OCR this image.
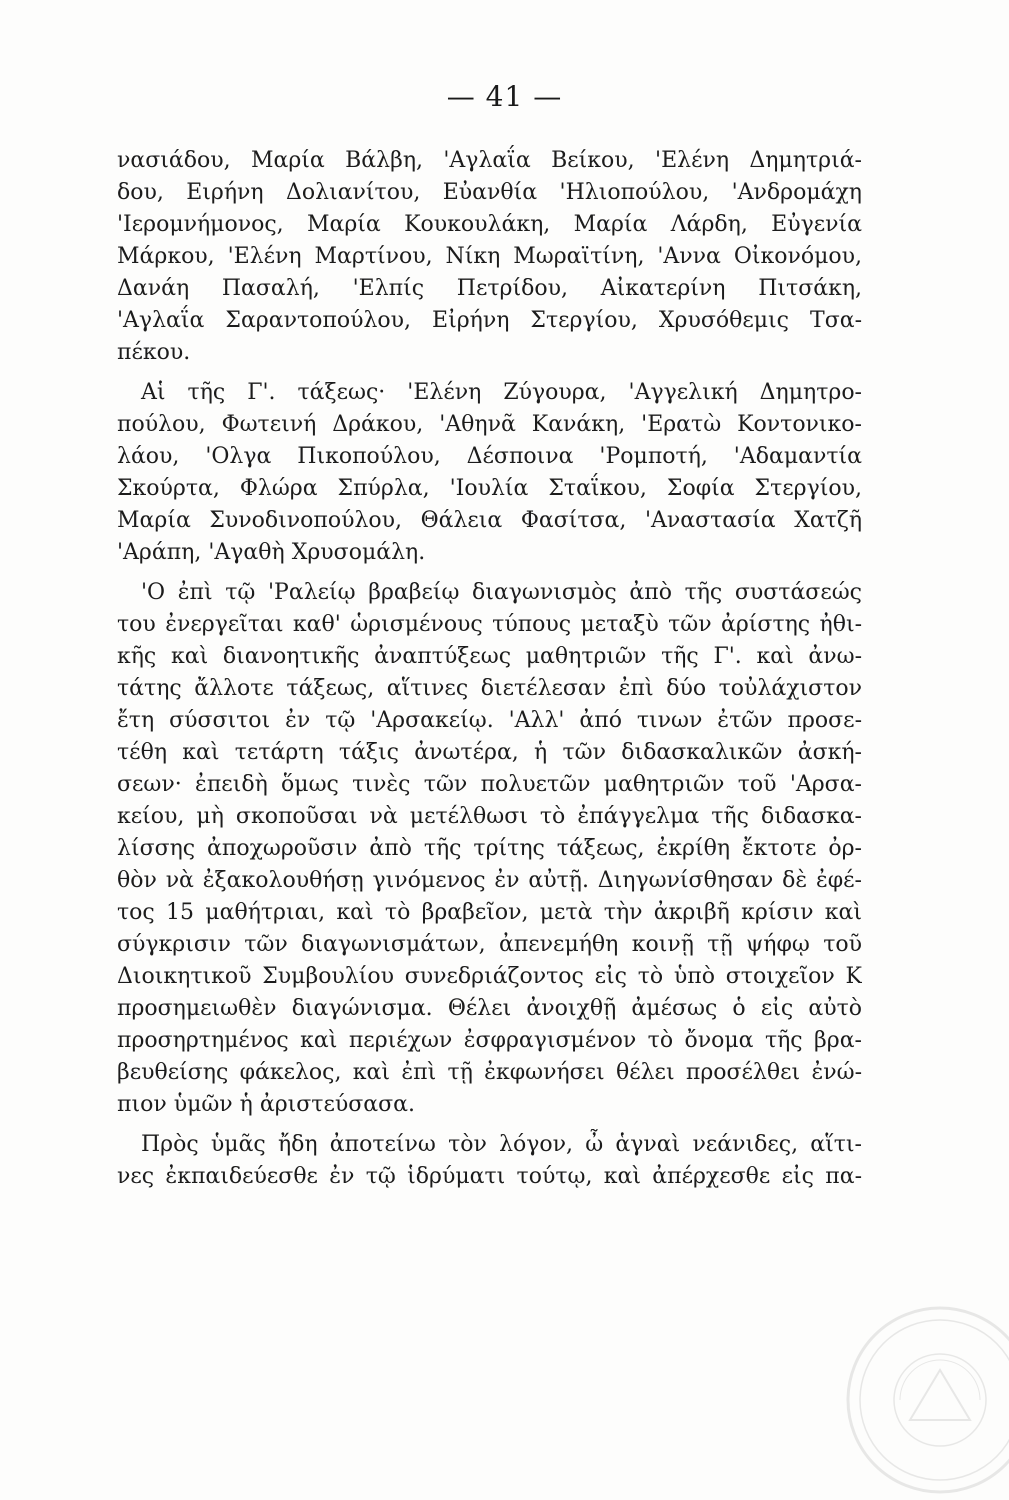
— 41 —
νασιάδου, Μαρία Βάλβη, 'Αγλαΐα Βείκου, 'Ελένη Δημητριά-
δου, Ειρήνη Δολιανίτου, Εὐανθία 'Ηλιοπούλου, 'Ανδρομάχη
'Ιερομνήμονος, Μαρία Κουκουλάκη, Μαρία Λάρδη, Εὐγενία
Μάρκου, 'Ελένη Μαρτίνου, Νίκη Μωραϊτίνη, 'Αννα Οἰκονόμου,
Δανάη Πασαλή, 'Ελπίς Πετρίδου, Αἰκατερίνη Πιτσάκη,
'Αγλαΐα Σαραντοπούλου, Εἰρήνη Στεργίου, Χρυσόθεμις Τσα-
πέκου.
Αἱ τῆς Γ'. τάξεως· 'Ελένη Ζύγουρα, 'Αγγελική Δημητρο-
πούλου, Φωτεινή Δράκου, 'Αθηνᾶ Κανάκη, 'Ερατὼ Κοντονικο-
λάου, 'Ολγα Πικοπούλου, Δέσποινα 'Ρομποτή, 'Αδαμαντία
Σκούρτα, Φλώρα Σπύρλα, 'Ιουλία Σταΐκου, Σοφία Στεργίου,
Μαρία Συνοδινοπούλου, Θάλεια Φασίτσα, 'Αναστασία Χατζῆ
'Αράπη, 'Αγαθὴ Χρυσομάλη.
'Ο ἐπὶ τῷ 'Ραλείῳ βραβείῳ διαγωνισμὸς ἀπὸ τῆς συστάσεώς
του ἐνεργεῖται καθ' ὡρισμένους τύπους μεταξὺ τῶν ἀρίστης ἠθι-
κῆς καὶ διανοητικῆς ἀναπτύξεως μαθητριῶν τῆς Γ'. καὶ ἀνω-
τάτης ἄλλοτε τάξεως, αἵτινες διετέλεσαν ἐπὶ δύο τοὐλάχιστον
ἔτη σύσσιτοι ἐν τῷ 'Αρσακείῳ. 'Αλλ' ἀπό τινων ἐτῶν προσε-
τέθη καὶ τετάρτη τάξις ἀνωτέρα, ἡ τῶν διδασκαλικῶν ἀσκή-
σεων· ἐπειδὴ ὅμως τινὲς τῶν πολυετῶν μαθητριῶν τοῦ 'Αρσα-
κείου, μὴ σκοποῦσαι νὰ μετέλθωσι τὸ ἐπάγγελμα τῆς διδασκα-
λίσσης ἀποχωροῦσιν ἀπὸ τῆς τρίτης τάξεως, ἐκρίθη ἔκτοτε ὀρ-
θὸν νὰ ἐξακολουθήσῃ γινόμενος ἐν αὐτῇ. Διηγωνίσθησαν δὲ ἐφέ-
τος 15 μαθήτριαι, καὶ τὸ βραβεῖον, μετὰ τὴν ἀκριβῆ κρίσιν καὶ
σύγκρισιν τῶν διαγωνισμάτων, ἀπενεμήθη κοινῇ τῇ ψήφῳ τοῦ
Διοικητικοῦ Συμβουλίου συνεδριάζοντος εἰς τὸ ὑπὸ στοιχεῖον Κ
προσημειωθὲν διαγώνισμα. Θέλει ἀνοιχθῇ ἀμέσως ὁ εἰς αὐτὸ
προσηρτημένος καὶ περιέχων ἐσφραγισμένον τὸ ὄνομα τῆς βρα-
βευθείσης φάκελος, καὶ ἐπὶ τῇ ἐκφωνήσει θέλει προσέλθει ἐνώ-
πιον ὑμῶν ἡ ἀριστεύσασα.
Πρὸς ὑμᾶς ἤδη ἀποτείνω τὸν λόγον, ὦ ἁγναὶ νεάνιδες, αἵτι-
νες ἐκπαιδεύεσθε ἐν τῷ ἱδρύματι τούτῳ, καὶ ἀπέρχεσθε εἰς πα-
